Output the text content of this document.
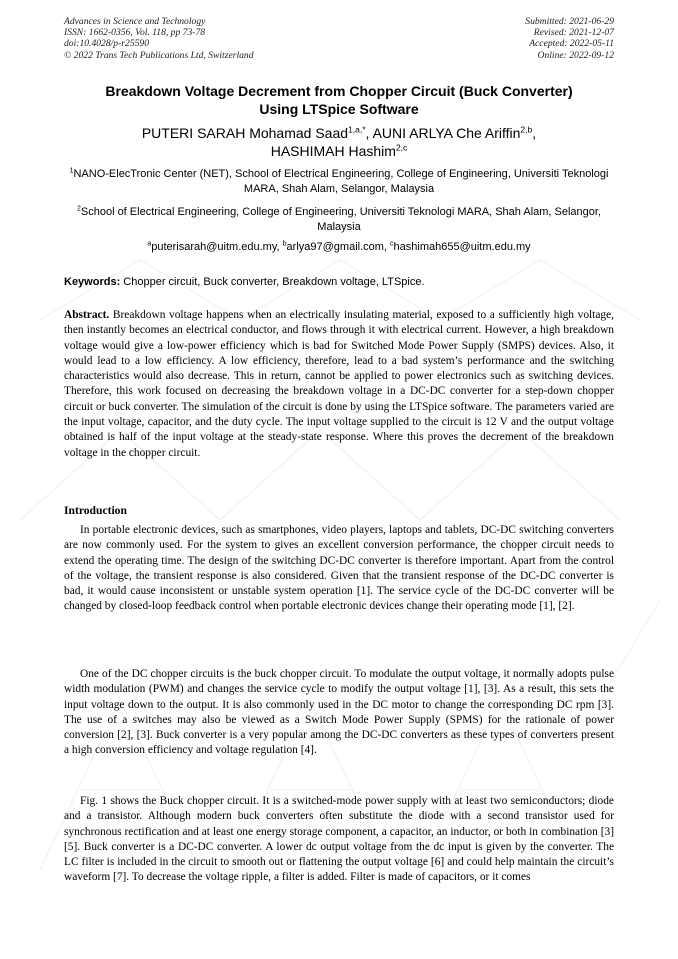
Advances in Science and Technology
ISSN: 1662-0356, Vol. 118, pp 73-78
doi:10.4028/p-r25590
© 2022 Trans Tech Publications Ltd, Switzerland
Submitted: 2021-06-29
Revised: 2021-12-07
Accepted: 2022-05-11
Online: 2022-09-12
Breakdown Voltage Decrement from Chopper Circuit (Buck Converter)
Using LTSpice Software
PUTERI SARAH Mohamad Saad$^{1,a,*}$, AUNI ARLYA Che Ariffin$^{2,b}$,
HASHIMAH Hashim$^{2,c}$
$^1$NANO-ElecTronic Center (NET), School of Electrical Engineering, College of Engineering, Universiti Teknologi MARA, Shah Alam, Selangor, Malaysia
$^2$School of Electrical Engineering, College of Engineering, Universiti Teknologi MARA, Shah Alam, Selangor, Malaysia
$^a$puterisarah@uitm.edu.my, $^b$arlya97@gmail.com, $^c$hashimah655@uitm.edu.my
Keywords: Chopper circuit, Buck converter, Breakdown voltage, LTSpice.

Abstract. Breakdown voltage happens when an electrically insulating material, exposed to a sufficiently high voltage, then instantly becomes an electrical conductor, and flows through it with electrical current. However, a high breakdown voltage would give a low-power efficiency which is bad for Switched Mode Power Supply (SMPS) devices. Also, it would lead to a low efficiency. A low efficiency, therefore, lead to a bad system’s performance and the switching characteristics would also decrease. This in return, cannot be applied to power electronics such as switching devices. Therefore, this work focused on decreasing the breakdown voltage in a DC-DC converter for a step-down chopper circuit or buck converter. The simulation of the circuit is done by using the LTSpice software. The parameters varied are the input voltage, capacitor, and the duty cycle. The input voltage supplied to the circuit is 12 V and the output voltage obtained is half of the input voltage at the steady-state response. Where this proves the decrement of the breakdown voltage in the chopper circuit.

Introduction

In portable electronic devices, such as smartphones, video players, laptops and tablets, DC-DC switching converters are now commonly used. For the system to gives an excellent conversion performance, the chopper circuit needs to extend the operating time. The design of the switching DC-DC converter is therefore important. Apart from the control of the voltage, the transient response is also considered. Given that the transient response of the DC-DC converter is bad, it would cause inconsistent or unstable system operation [1]. The service cycle of the DC-DC converter will be changed by closed-loop feedback control when portable electronic devices change their operating mode [1], [2].

One of the DC chopper circuits is the buck chopper circuit. To modulate the output voltage, it normally adopts pulse width modulation (PWM) and changes the service cycle to modify the output voltage [1], [3]. As a result, this sets the input voltage down to the output. It is also commonly used in the DC motor to change the corresponding DC rpm [3]. The use of a switches may also be viewed as a Switch Mode Power Supply (SPMS) for the rationale of power conversion [2], [3]. Buck converter is a very popular among the DC-DC converters as these types of converters present a high conversion efficiency and voltage regulation [4].

Fig. 1 shows the Buck chopper circuit. It is a switched-mode power supply with at least two semiconductors; diode and a transistor. Although modern buck converters often substitute the diode with a second transistor used for synchronous rectification and at least one energy storage component, a capacitor, an inductor, or both in combination [3] [5]. Buck converter is a DC-DC converter. A lower dc output voltage from the dc input is given by the converter. The LC filter is included in the circuit to smooth out or flattening the output voltage [6] and could help maintain the circuit’s waveform [7]. To decrease the voltage ripple, a filter is added. Filter is made of capacitors, or it comes
